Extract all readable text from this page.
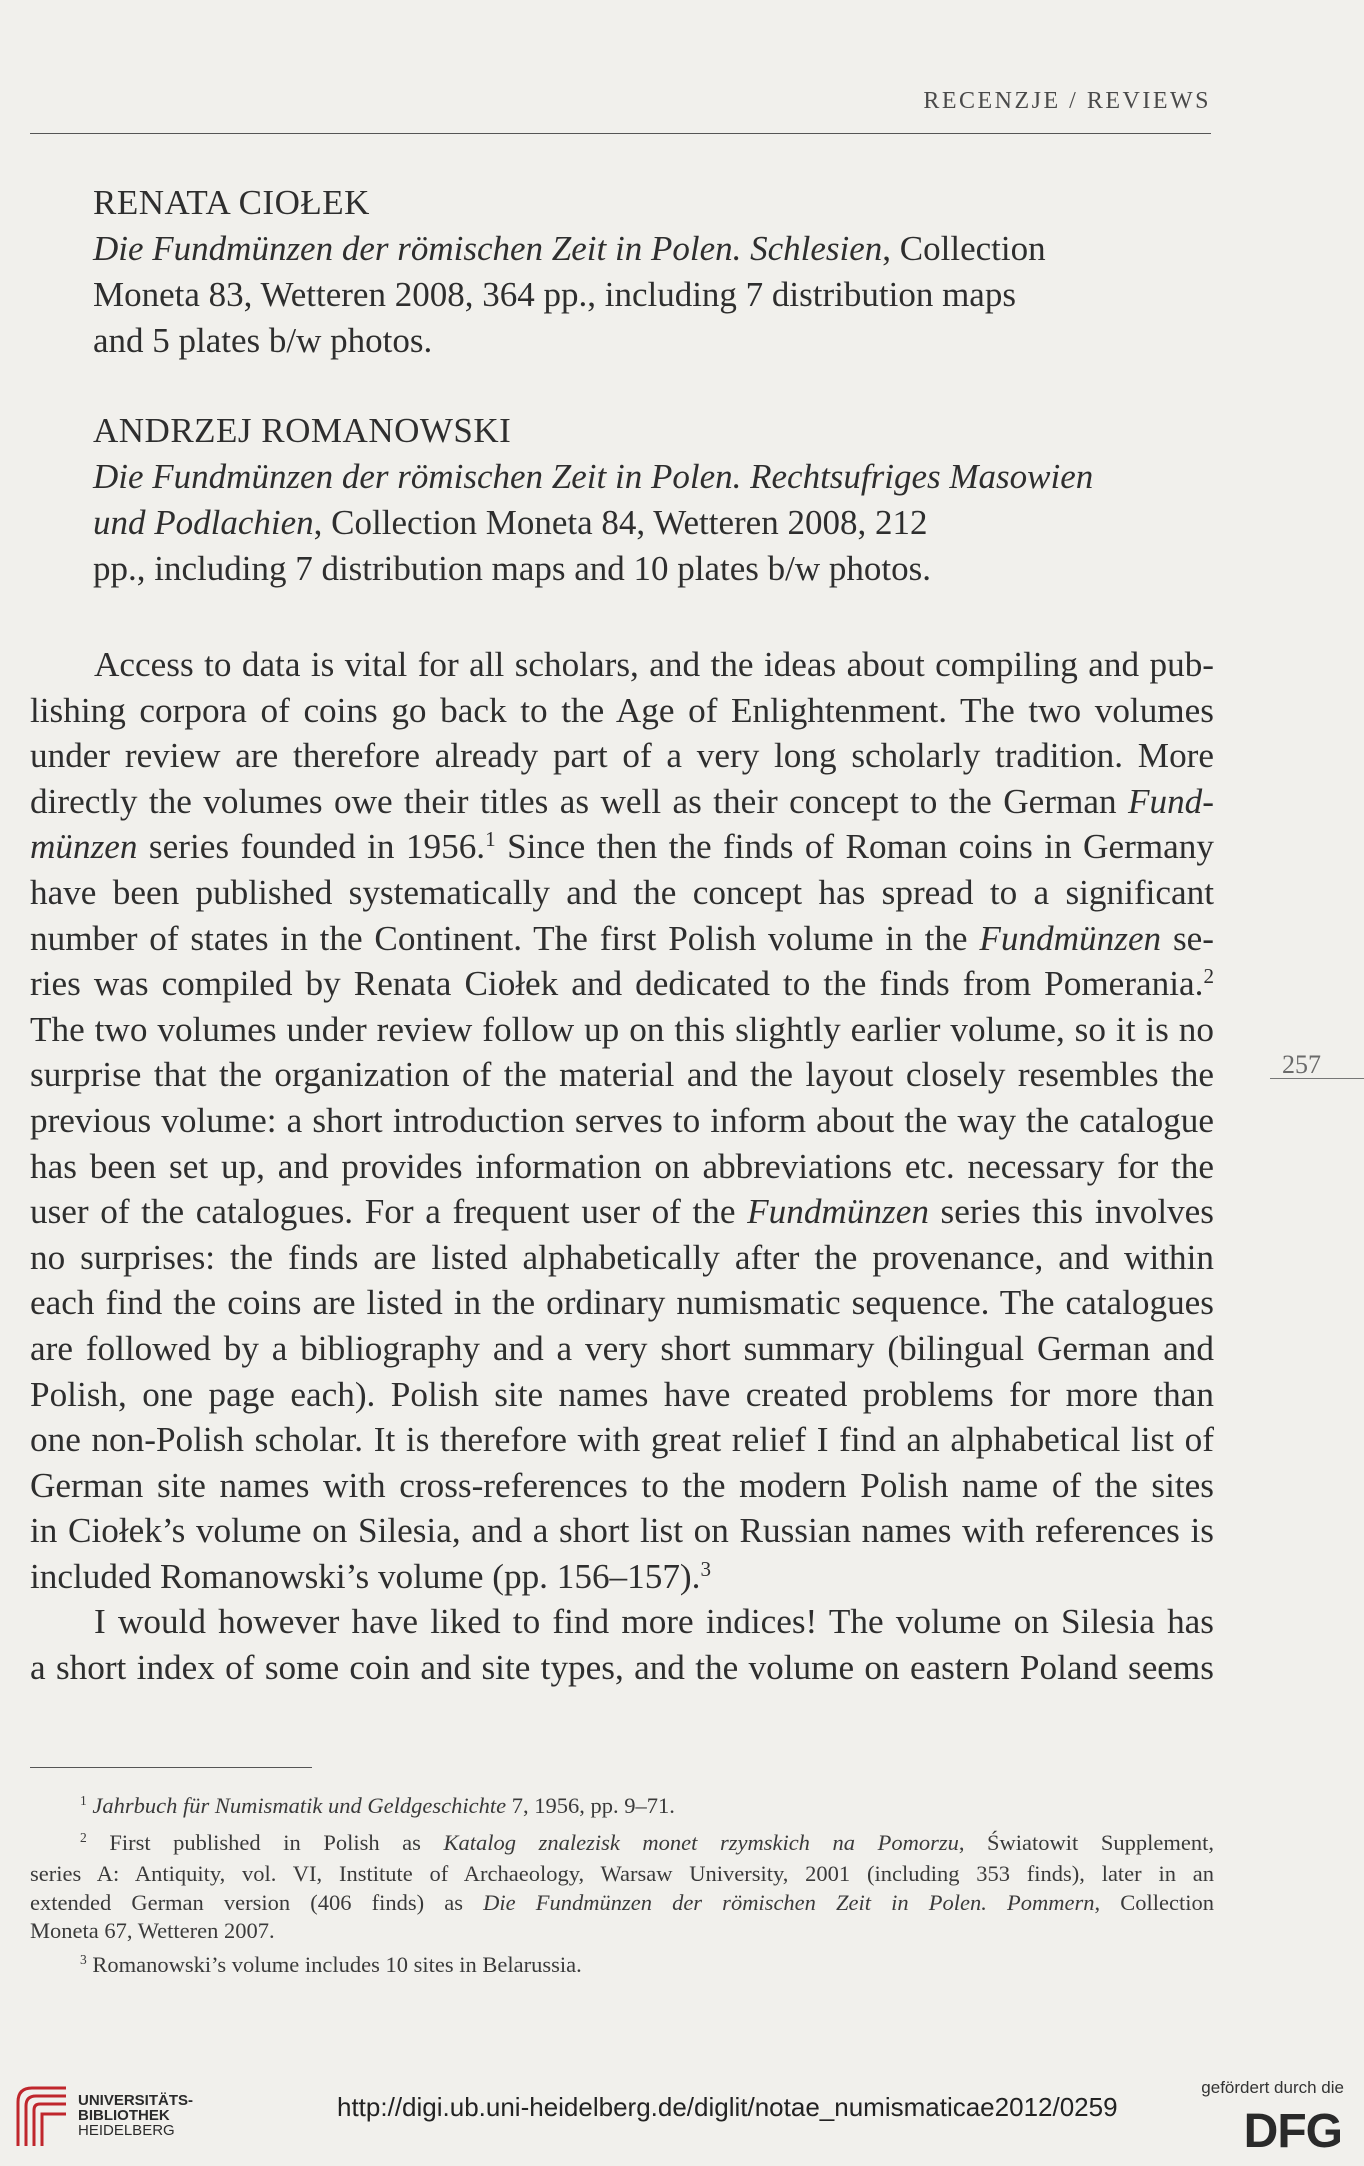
RECENZJE / REVIEWS
RENATA CIOŁEK
Die Fundmünzen der römischen Zeit in Polen. Schlesien, Collection
Moneta 83, Wetteren 2008, 364 pp., including 7 distribution maps
and 5 plates b/w photos.
ANDRZEJ ROMANOWSKI
Die Fundmünzen der römischen Zeit in Polen. Rechtsufriges Masowien
und Podlachien, Collection Moneta 84, Wetteren 2008, 212
pp., including 7 distribution maps and 10 plates b/w photos.
Access to data is vital for all scholars, and the ideas about compiling and pub-
lishing corpora of coins go back to the Age of Enlightenment. The two volumes
under review are therefore already part of a very long scholarly tradition. More
directly the volumes owe their titles as well as their concept to the German Fund-
münzen series founded in 1956.$^1$ Since then the finds of Roman coins in Germany
have been published systematically and the concept has spread to a significant
number of states in the Continent. The first Polish volume in the Fundmünzen se-
ries was compiled by Renata Ciołek and dedicated to the finds from Pomerania.$^2$
The two volumes under review follow up on this slightly earlier volume, so it is no
surprise that the organization of the material and the layout closely resembles the
previous volume: a short introduction serves to inform about the way the catalogue
has been set up, and provides information on abbreviations etc. necessary for the
user of the catalogues. For a frequent user of the Fundmünzen series this involves
no surprises: the finds are listed alphabetically after the provenance, and within
each find the coins are listed in the ordinary numismatic sequence. The catalogues
are followed by a bibliography and a very short summary (bilingual German and
Polish, one page each). Polish site names have created problems for more than
one non-Polish scholar. It is therefore with great relief I find an alphabetical list of
German site names with cross-references to the modern Polish name of the sites
in Ciołek’s volume on Silesia, and a short list on Russian names with references is
included Romanowski’s volume (pp. 156–157).$^3$
I would however have liked to find more indices! The volume on Silesia has
a short index of some coin and site types, and the volume on eastern Poland seems
257
$^1$ Jahrbuch für Numismatik und Geldgeschichte 7, 1956, pp. 9–71.
$^2$ First published in Polish as Katalog znalezisk monet rzymskich na Pomorzu, Światowit Supplement,
series A: Antiquity, vol. VI, Institute of Archaeology, Warsaw University, 2001 (including 353 finds), later in an
extended German version (406 finds) as Die Fundmünzen der römischen Zeit in Polen. Pommern, Collection
Moneta 67, Wetteren 2007.
$^3$ Romanowski’s volume includes 10 sites in Belarussia.
UNIVERSITÄTS-
BIBLIOTHEK
HEIDELBERG
http://digi.ub.uni-heidelberg.de/diglit/notae_numismaticae2012/0259
gefördert durch die
DFG
